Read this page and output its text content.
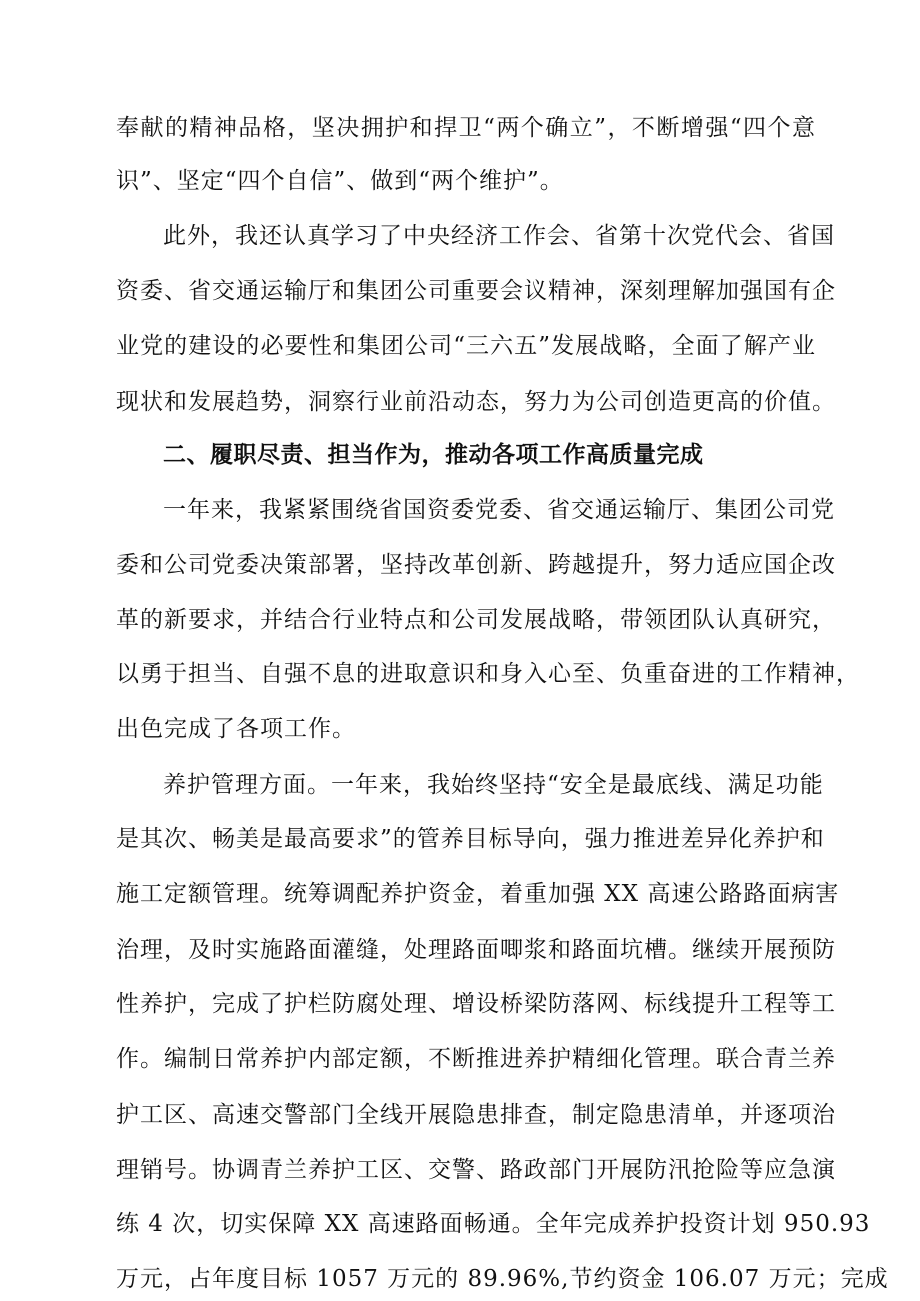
奉献的精神品格，坚决拥护和捍卫“两个确立”，不断增强“四个意

识”、坚定“四个自信”、做到“两个维护”。

此外，我还认真学习了中央经济工作会、省第十次党代会、省国

资委、省交通运输厅和集团公司重要会议精神，深刻理解加强国有企

业党的建设的必要性和集团公司“三六五”发展战略，全面了解产业

现状和发展趋势，洞察行业前沿动态，努力为公司创造更高的价值。

二、履职尽责、担当作为，推动各项工作高质量完成

一年来，我紧紧围绕省国资委党委、省交通运输厅、集团公司党

委和公司党委决策部署，坚持改革创新、跨越提升，努力适应国企改

革的新要求，并结合行业特点和公司发展战略，带领团队认真研究，

以勇于担当、自强不息的进取意识和身入心至、负重奋进的工作精神，

出色完成了各项工作。

养护管理方面。一年来，我始终坚持“安全是最底线、满足功能

是其次、畅美是最高要求”的管养目标导向，强力推进差异化养护和

施工定额管理。统筹调配养护资金，着重加强 XX 高速公路路面病害

治理，及时实施路面灌缝，处理路面唧浆和路面坑槽。继续开展预防

性养护，完成了护栏防腐处理、增设桥梁防落网、标线提升工程等工

作。编制日常养护内部定额，不断推进养护精细化管理。联合青兰养

护工区、高速交警部门全线开展隐患排查，制定隐患清单，并逐项治

理销号。协调青兰养护工区、交警、路政部门开展防汛抢险等应急演

练 4 次，切实保障 XX 高速路面畅通。全年完成养护投资计划 950.93

万元，占年度目标 1057 万元的 89.96%,节约资金 106.07 万元；完成
